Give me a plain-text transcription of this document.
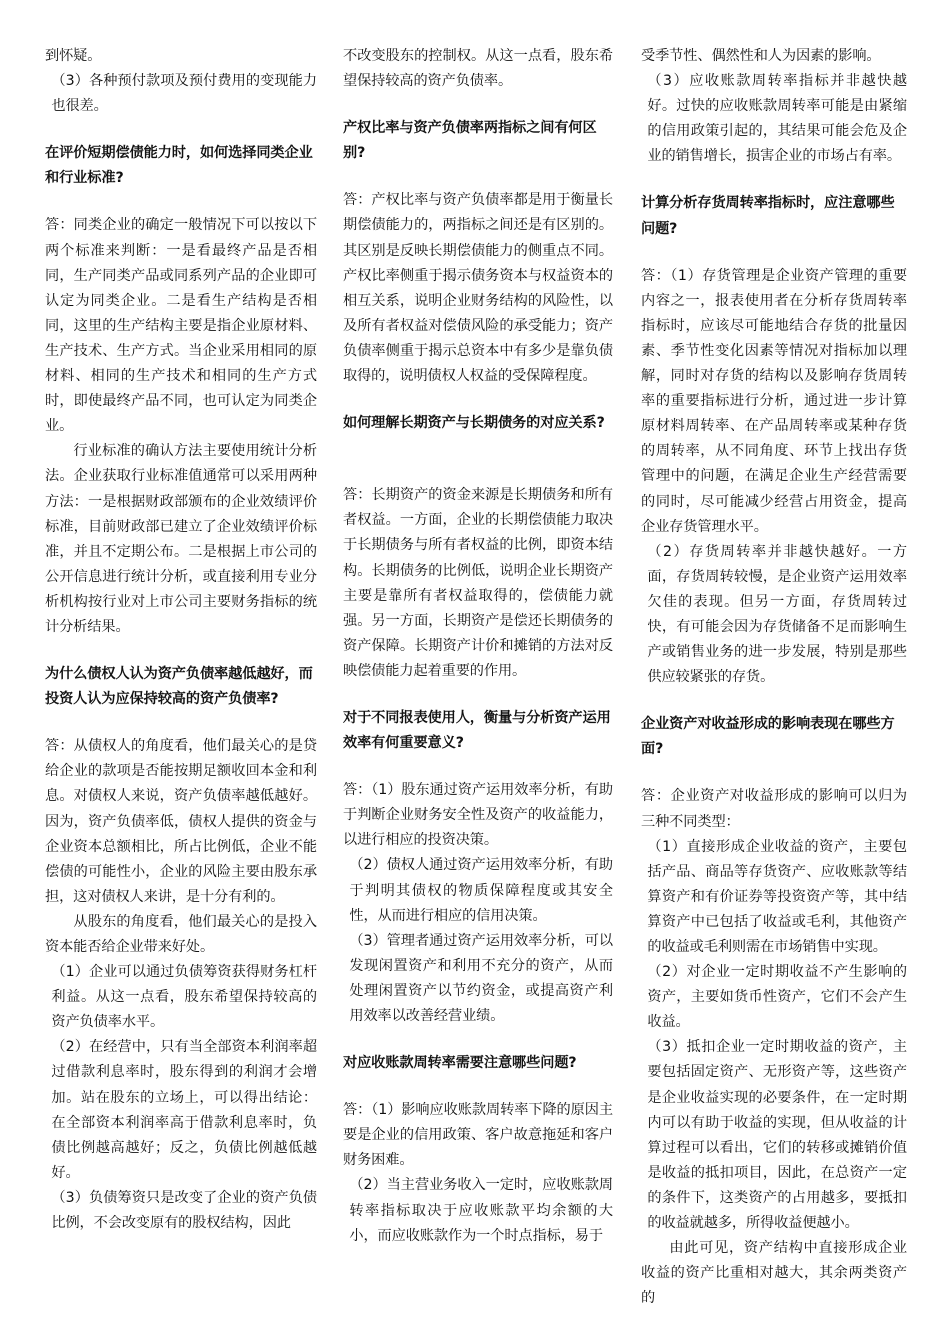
到怀疑。

（3）各种预付款项及预付费用的变现能力也很差。

在评价短期偿债能力时，如何选择同类企业和行业标准?

答：同类企业的确定一般情况下可以按以下两个标准来判断：一是看最终产品是否相同，生产同类产品或同系列产品的企业即可认定为同类企业。二是看生产结构是否相同，这里的生产结构主要是指企业原材料、生产技术、生产方式。当企业采用相同的原材料、相同的生产技术和相同的生产方式时，即使最终产品不同，也可认定为同类企业。

行业标准的确认方法主要使用统计分析法。企业获取行业标准值通常可以采用两种方法：一是根据财政部颁布的企业效绩评价标准，目前财政部已建立了企业效绩评价标准，并且不定期公布。二是根据上市公司的公开信息进行统计分析，或直接利用专业分析机构按行业对上市公司主要财务指标的统计分析结果。

为什么债权人认为资产负债率越低越好，而投资人认为应保持较高的资产负债率?

答：从债权人的角度看，他们最关心的是贷给企业的款项是否能按期足额收回本金和利息。对债权人来说，资产负债率越低越好。因为，资产负债率低，债权人提供的资金与企业资本总额相比，所占比例低，企业不能偿债的可能性小，企业的风险主要由股东承担，这对债权人来讲，是十分有利的。

从股东的角度看，他们最关心的是投入资本能否给企业带来好处。

（1）企业可以通过负债筹资获得财务杠杆利益。从这一点看，股东希望保持较高的资产负债率水平。

（2）在经营中，只有当全部资本利润率超过借款利息率时，股东得到的利润才会增加。站在股东的立场上，可以得出结论：在全部资本利润率高于借款利息率时，负债比例越高越好；反之，负债比例越低越好。

（3）负债筹资只是改变了企业的资产负债比例，不会改变原有的股权结构，因此

不改变股东的控制权。从这一点看，股东希望保持较高的资产负债率。

产权比率与资产负债率两指标之间有何区别?

答：产权比率与资产负债率都是用于衡量长期偿债能力的，两指标之间还是有区别的。其区别是反映长期偿债能力的侧重点不同。产权比率侧重于揭示债务资本与权益资本的相互关系，说明企业财务结构的风险性，以及所有者权益对偿债风险的承受能力；资产负债率侧重于揭示总资本中有多少是靠负债取得的，说明债权人权益的受保障程度。

如何理解长期资产与长期债务的对应关系?

答：长期资产的资金来源是长期债务和所有者权益。一方面，企业的长期偿债能力取决于长期债务与所有者权益的比例，即资本结构。长期债务的比例低，说明企业长期资产主要是靠所有者权益取得的，偿债能力就强。另一方面，长期资产是偿还长期债务的资产保障。长期资产计价和摊销的方法对反映偿债能力起着重要的作用。

对于不同报表使用人，衡量与分析资产运用效率有何重要意义?

答：（1）股东通过资产运用效率分析，有助于判断企业财务安全性及资产的收益能力，以进行相应的投资决策。

（2）债权人通过资产运用效率分析，有助于判明其债权的物质保障程度或其安全性，从而进行相应的信用决策。

（3）管理者通过资产运用效率分析，可以发现闲置资产和利用不充分的资产，从而处理闲置资产以节约资金，或提高资产利用效率以改善经营业绩。

对应收账款周转率需要注意哪些问题?

答：（1）影响应收账款周转率下降的原因主要是企业的信用政策、客户故意拖延和客户财务困难。

（2）当主营业务收入一定时，应收账款周转率指标取决于应收账款平均余额的大小，而应收账款作为一个时点指标，易于

受季节性、偶然性和人为因素的影响。

（3）应收账款周转率指标并非越快越好。过快的应收账款周转率可能是由紧缩的信用政策引起的，其结果可能会危及企业的销售增长，损害企业的市场占有率。

计算分析存货周转率指标时，应注意哪些问题?

答：（1）存货管理是企业资产管理的重要内容之一，报表使用者在分析存货周转率指标时，应该尽可能地结合存货的批量因素、季节性变化因素等情况对指标加以理解，同时对存货的结构以及影响存货周转率的重要指标进行分析，通过进一步计算原材料周转率、在产品周转率或某种存货的周转率，从不同角度、环节上找出存货管理中的问题，在满足企业生产经营需要的同时，尽可能减少经营占用资金，提高企业存货管理水平。

（2）存货周转率并非越快越好。一方面，存货周转较慢，是企业资产运用效率欠佳的表现。但另一方面，存货周转过快，有可能会因为存货储备不足而影响生产或销售业务的进一步发展，特别是那些供应较紧张的存货。

企业资产对收益形成的影响表现在哪些方面?

答：企业资产对收益形成的影响可以归为三种不同类型：

（1）直接形成企业收益的资产，主要包括产品、商品等存货资产、应收账款等结算资产和有价证券等投资资产等，其中结算资产中已包括了收益或毛利，其他资产的收益或毛利则需在市场销售中实现。

（2）对企业一定时期收益不产生影响的资产，主要如货币性资产，它们不会产生收益。

（3）抵扣企业一定时期收益的资产，主要包括固定资产、无形资产等，这些资产是企业收益实现的必要条件，在一定时期内可以有助于收益的实现，但从收益的计算过程可以看出，它们的转移或摊销价值是收益的抵扣项目，因此，在总资产一定的条件下，这类资产的占用越多，要抵扣的收益就越多，所得收益便越小。

由此可见，资产结构中直接形成企业收益的资产比重相对越大，其余两类资产的
